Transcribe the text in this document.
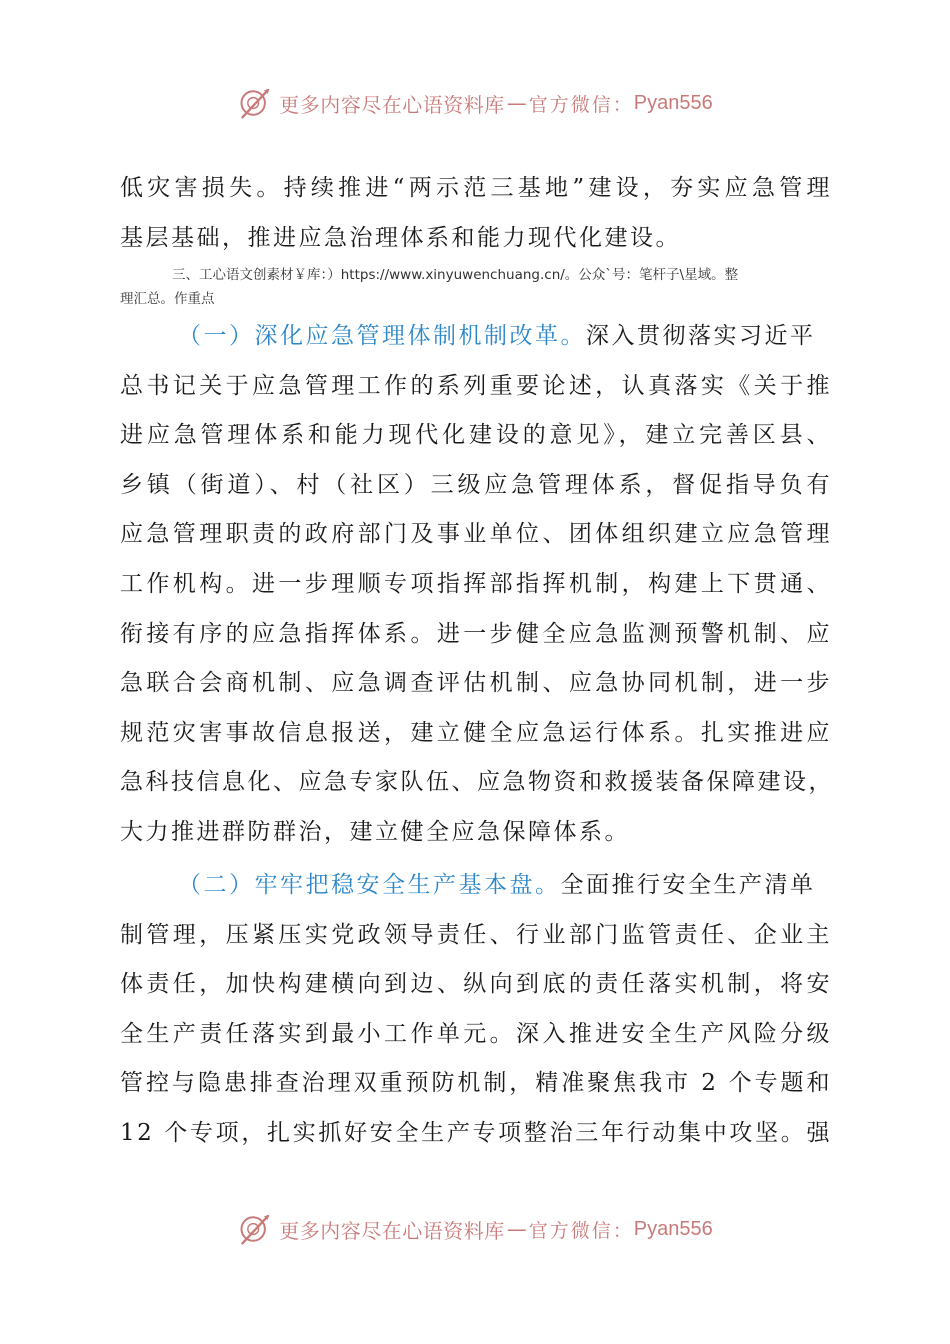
更多内容尽在心语资料库 — 官方微信： Pyan556
低灾害损失。持续推进“两示范三基地”建设，夯实应急管理
基层基础，推进应急治理体系和能力现代化建设。
三、工心语文创素材￥库：）https://www.xinyuwenchuang.cn/。公众`号：笔杆子\星域。整
理汇总。作重点
（一）深化应急管理体制机制改革。深入贯彻落实习近平
总书记关于应急管理工作的系列重要论述，认真落实《关于推
进应急管理体系和能力现代化建设的意见》，建立完善区县、
乡镇（街道）、村（社区）三级应急管理体系，督促指导负有
应急管理职责的政府部门及事业单位、团体组织建立应急管理
工作机构。进一步理顺专项指挥部指挥机制，构建上下贯通、
衔接有序的应急指挥体系。进一步健全应急监测预警机制、应
急联合会商机制、应急调查评估机制、应急协同机制，进一步
规范灾害事故信息报送，建立健全应急运行体系。扎实推进应
急科技信息化、应急专家队伍、应急物资和救援装备保障建设，
大力推进群防群治，建立健全应急保障体系。
（二）牢牢把稳安全生产基本盘。全面推行安全生产清单
制管理，压紧压实党政领导责任、行业部门监管责任、企业主
体责任，加快构建横向到边、纵向到底的责任落实机制，将安
全生产责任落实到最小工作单元。深入推进安全生产风险分级
管控与隐患排查治理双重预防机制，精准聚焦我市 2 个专题和
12 个专项，扎实抓好安全生产专项整治三年行动集中攻坚。强
更多内容尽在心语资料库 — 官方微信： Pyan556
